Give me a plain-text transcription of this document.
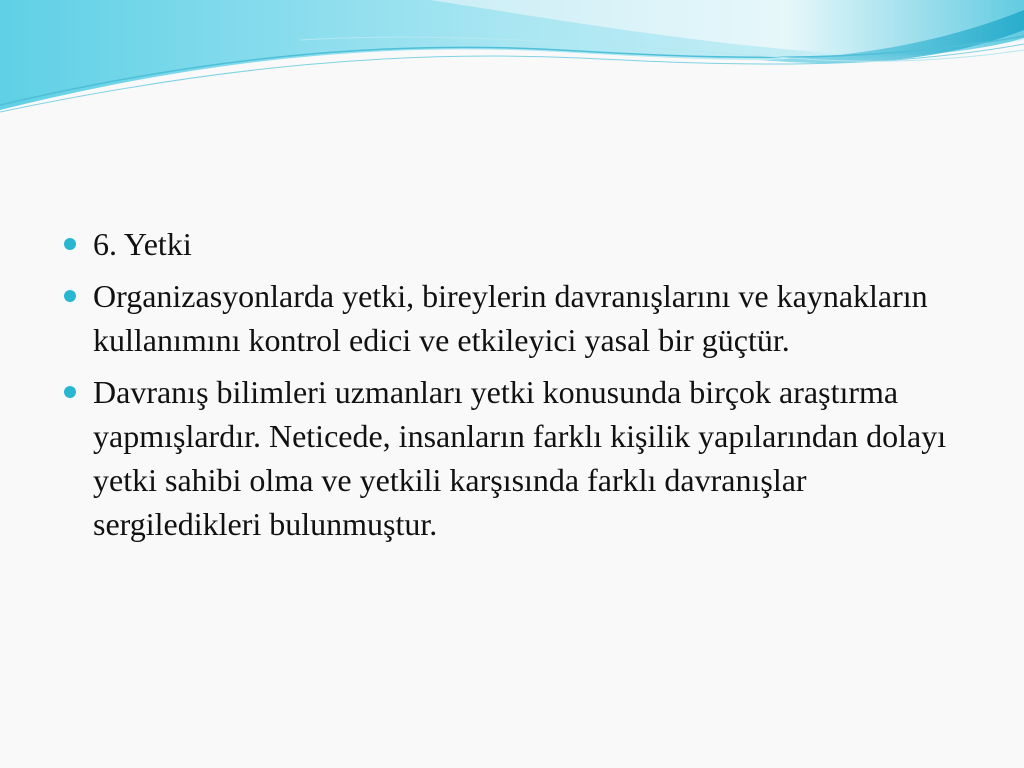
6. Yetki
Organizasyonlarda yetki, bireylerin davranışlarını ve kaynakların kullanımını kontrol edici ve etkileyici yasal bir güçtür.
Davranış bilimleri uzmanları yetki konusunda birçok araştırma yapmışlardır. Neticede, insanların farklı kişilik yapılarından dolayı yetki sahibi olma ve yetkili karşısında farklı davranışlar sergiledikleri bulunmuştur.
